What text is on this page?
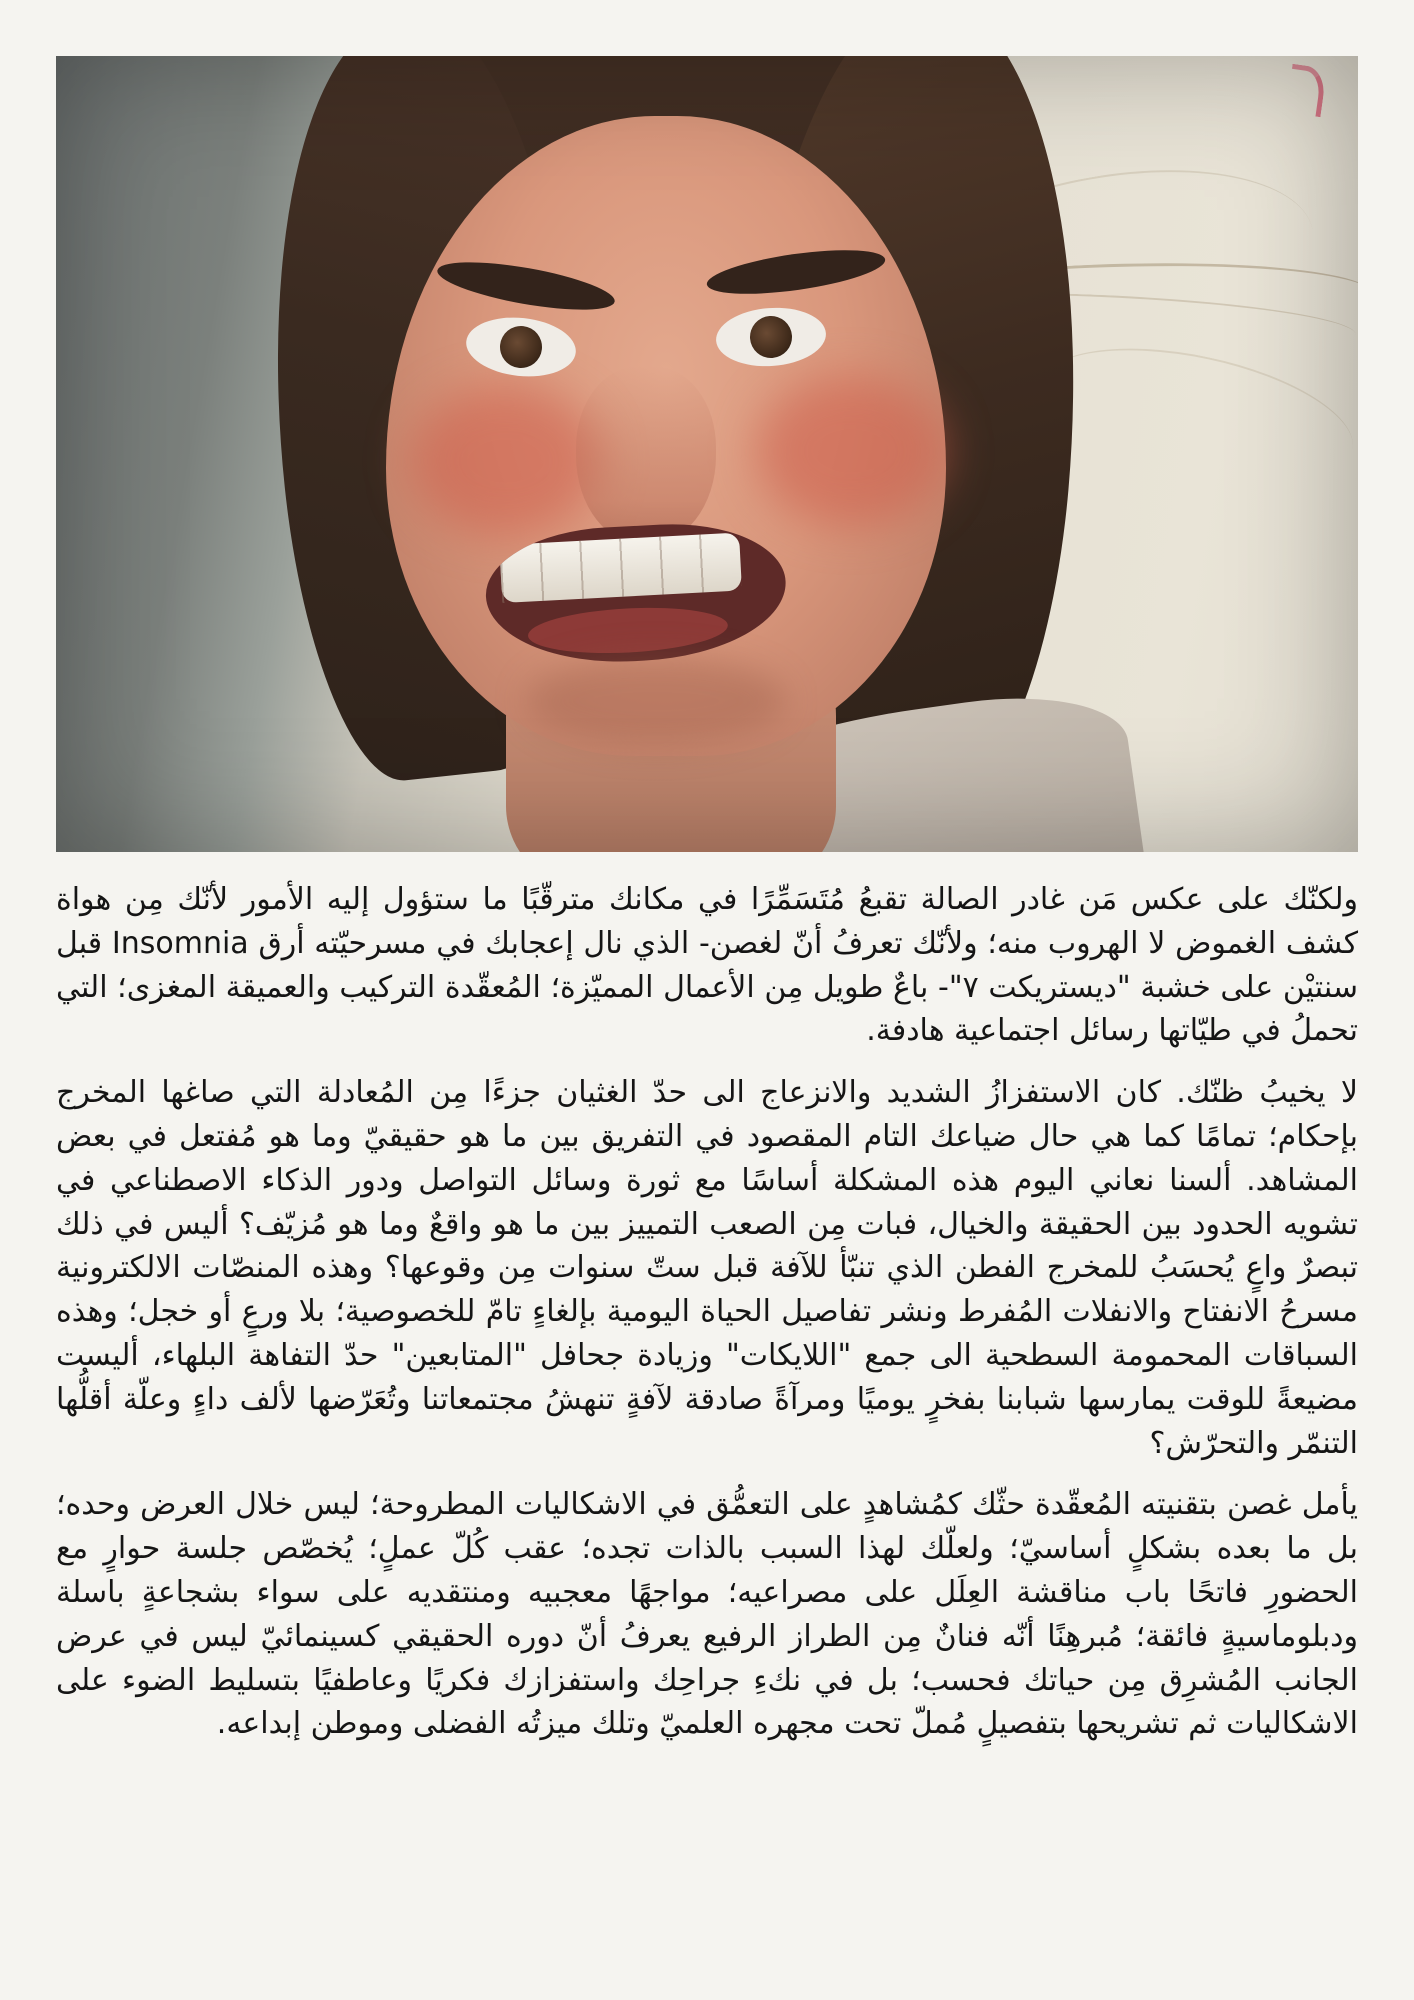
ولكنّك على عكس مَن غادر الصالة تقبعُ مُتَسَمِّرًا في مكانك مترقّبًا ما ستؤول إليه الأمور لأنّك مِن هواة كشف الغموض لا الهروب منه؛ ولأنّك تعرفُ أنّ لغصن- الذي نال إعجابك في مسرحيّته أرق Insomnia قبل سنتيْن على خشبة "ديستريكت ٧"- باعٌ طويل مِن الأعمال المميّزة؛ المُعقّدة التركيب والعميقة المغزى؛ التي تحملُ في طيّاتها رسائل اجتماعية هادفة.

لا يخيبُ ظنّك. كان الاستفزازُ الشديد والانزعاج الى حدّ الغثيان جزءًا مِن المُعادلة التي صاغها المخرج بإحكام؛ تمامًا كما هي حال ضياعك التام المقصود في التفريق بين ما هو حقيقيّ وما هو مُفتعل في بعض المشاهد. ألسنا نعاني اليوم هذه المشكلة أساسًا مع ثورة وسائل التواصل ودور الذكاء الاصطناعي في تشويه الحدود بين الحقيقة والخيال، فبات مِن الصعب التمييز بين ما هو واقعٌ وما هو مُزيّف؟ أليس في ذلك تبصرٌ واعٍ يُحسَبُ للمخرج الفطن الذي تنبّأ للآفة قبل ستّ سنوات مِن وقوعها؟ وهذه المنصّات الالكترونية مسرحُ الانفتاح والانفلات المُفرط ونشر تفاصيل الحياة اليومية بإلغاءٍ تامّ للخصوصية؛ بلا ورعٍ أو خجل؛ وهذه السباقات المحمومة السطحية الى جمع "اللايكات" وزيادة جحافل "المتابعين" حدّ التفاهة البلهاء، أليست مضيعةً للوقت يمارسها شبابنا بفخرٍ يوميًا ومرآةً صادقة لآفةٍ تنهشُ مجتمعاتنا وتُعَرّضها لألف داءٍ وعلّة أقلُّها التنمّر والتحرّش؟

يأمل غصن بتقنيته المُعقّدة حثّك كمُشاهدٍ على التعمُّق في الاشكاليات المطروحة؛ ليس خلال العرض وحده؛ بل ما بعده بشكلٍ أساسيّ؛ ولعلّك لهذا السبب بالذات تجده؛ عقب كُلّ عملٍ؛ يُخصّص جلسة حوارٍ مع الحضورِ فاتحًا باب مناقشة العِلَل على مصراعيه؛ مواجهًا معجبيه ومنتقديه على سواء بشجاعةٍ باسلة ودبلوماسيةٍ فائقة؛ مُبرهِنًا أنّه فنانٌ مِن الطراز الرفيع يعرفُ أنّ دوره الحقيقي كسينمائيّ ليس في عرض الجانب المُشرِق مِن حياتك فحسب؛ بل في نكءِ جراحِك واستفزازك فكريًا وعاطفيًا بتسليط الضوء على الاشكاليات ثم تشريحها بتفصيلٍ مُملّ تحت مجهره العلميّ وتلك ميزتُه الفضلى وموطن إبداعه.
